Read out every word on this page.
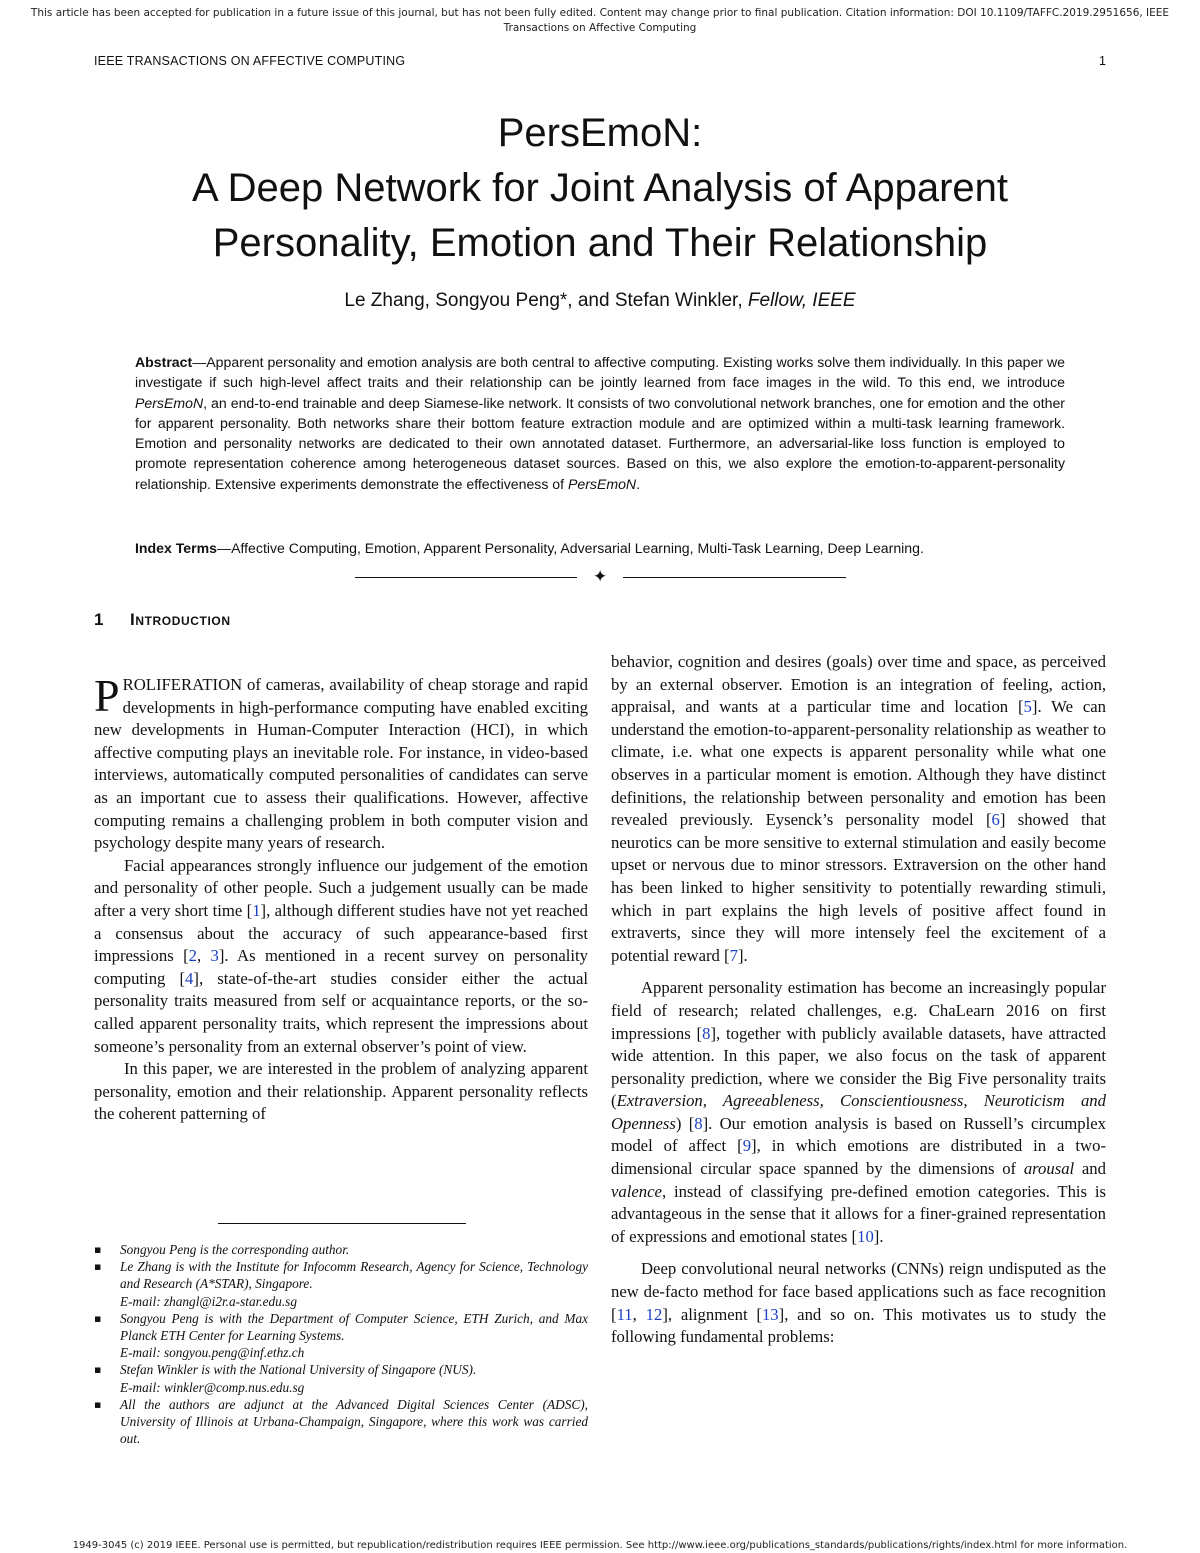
This article has been accepted for publication in a future issue of this journal, but has not been fully edited. Content may change prior to final publication. Citation information: DOI 10.1109/TAFFC.2019.2951656, IEEE
Transactions on Affective Computing
IEEE TRANSACTIONS ON AFFECTIVE COMPUTING	1
PersEmoN:
A Deep Network for Joint Analysis of Apparent
Personality, Emotion and Their Relationship
Le Zhang, Songyou Peng*, and Stefan Winkler, Fellow, IEEE
Abstract—Apparent personality and emotion analysis are both central to affective computing. Existing works solve them individually. In this paper we investigate if such high-level affect traits and their relationship can be jointly learned from face images in the wild. To this end, we introduce PersEmoN, an end-to-end trainable and deep Siamese-like network. It consists of two convolutional network branches, one for emotion and the other for apparent personality. Both networks share their bottom feature extraction module and are optimized within a multi-task learning framework. Emotion and personality networks are dedicated to their own annotated dataset. Furthermore, an adversarial-like loss function is employed to promote representation coherence among heterogeneous dataset sources. Based on this, we also explore the emotion-to-apparent-personality relationship. Extensive experiments demonstrate the effectiveness of PersEmoN.
Index Terms—Affective Computing, Emotion, Apparent Personality, Adversarial Learning, Multi-Task Learning, Deep Learning.
✦
1 Introduction

PROLIFERATION of cameras, availability of cheap storage and rapid developments in high-performance computing have enabled exciting new developments in Human-Computer Interaction (HCI), in which affective computing plays an inevitable role. For instance, in video-based interviews, automatically computed personalities of candidates can serve as an important cue to assess their qualifications. However, affective computing remains a challenging problem in both computer vision and psychology despite many years of research.

Facial appearances strongly influence our judgement of the emotion and personality of other people. Such a judgement usually can be made after a very short time [1], although different studies have not yet reached a consensus about the accuracy of such appearance-based first impressions [2, 3]. As mentioned in a recent survey on personality computing [4], state-of-the-art studies consider either the actual personality traits measured from self or acquaintance reports, or the so-called apparent personality traits, which represent the impressions about someone’s personality from an external observer’s point of view.

In this paper, we are interested in the problem of analyzing apparent personality, emotion and their relationship. Apparent personality reflects the coherent patterning of

▪ Songyou Peng is the corresponding author.
▪ Le Zhang is with the Institute for Infocomm Research, Agency for Science, Technology and Research (A*STAR), Singapore.
E-mail: zhangl@i2r.a-star.edu.sg
▪ Songyou Peng is with the Department of Computer Science, ETH Zurich, and Max Planck ETH Center for Learning Systems.
E-mail: songyou.peng@inf.ethz.ch
▪ Stefan Winkler is with the National University of Singapore (NUS).
E-mail: winkler@comp.nus.edu.sg
▪ All the authors are adjunct at the Advanced Digital Sciences Center (ADSC), University of Illinois at Urbana-Champaign, Singapore, where this work was carried out.

behavior, cognition and desires (goals) over time and space, as perceived by an external observer. Emotion is an integration of feeling, action, appraisal, and wants at a particular time and location [5]. We can understand the emotion-to-apparent-personality relationship as weather to climate, i.e. what one expects is apparent personality while what one observes in a particular moment is emotion. Although they have distinct definitions, the relationship between personality and emotion has been revealed previously. Eysenck’s personality model [6] showed that neurotics can be more sensitive to external stimulation and easily become upset or nervous due to minor stressors. Extraversion on the other hand has been linked to higher sensitivity to potentially rewarding stimuli, which in part explains the high levels of positive affect found in extraverts, since they will more intensely feel the excitement of a potential reward [7].

Apparent personality estimation has become an increasingly popular field of research; related challenges, e.g. ChaLearn 2016 on first impressions [8], together with publicly available datasets, have attracted wide attention. In this paper, we also focus on the task of apparent personality prediction, where we consider the Big Five personality traits (Extraversion, Agreeableness, Conscientiousness, Neuroticism and Openness) [8]. Our emotion analysis is based on Russell’s circumplex model of affect [9], in which emotions are distributed in a two-dimensional circular space spanned by the dimensions of arousal and valence, instead of classifying pre-defined emotion categories. This is advantageous in the sense that it allows for a finer-grained representation of expressions and emotional states [10].

Deep convolutional neural networks (CNNs) reign undisputed as the new de-facto method for face based applications such as face recognition [11, 12], alignment [13], and so on. This motivates us to study the following fundamental problems:

1949-3045 (c) 2019 IEEE. Personal use is permitted, but republication/redistribution requires IEEE permission. See http://www.ieee.org/publications_standards/publications/rights/index.html for more information.
